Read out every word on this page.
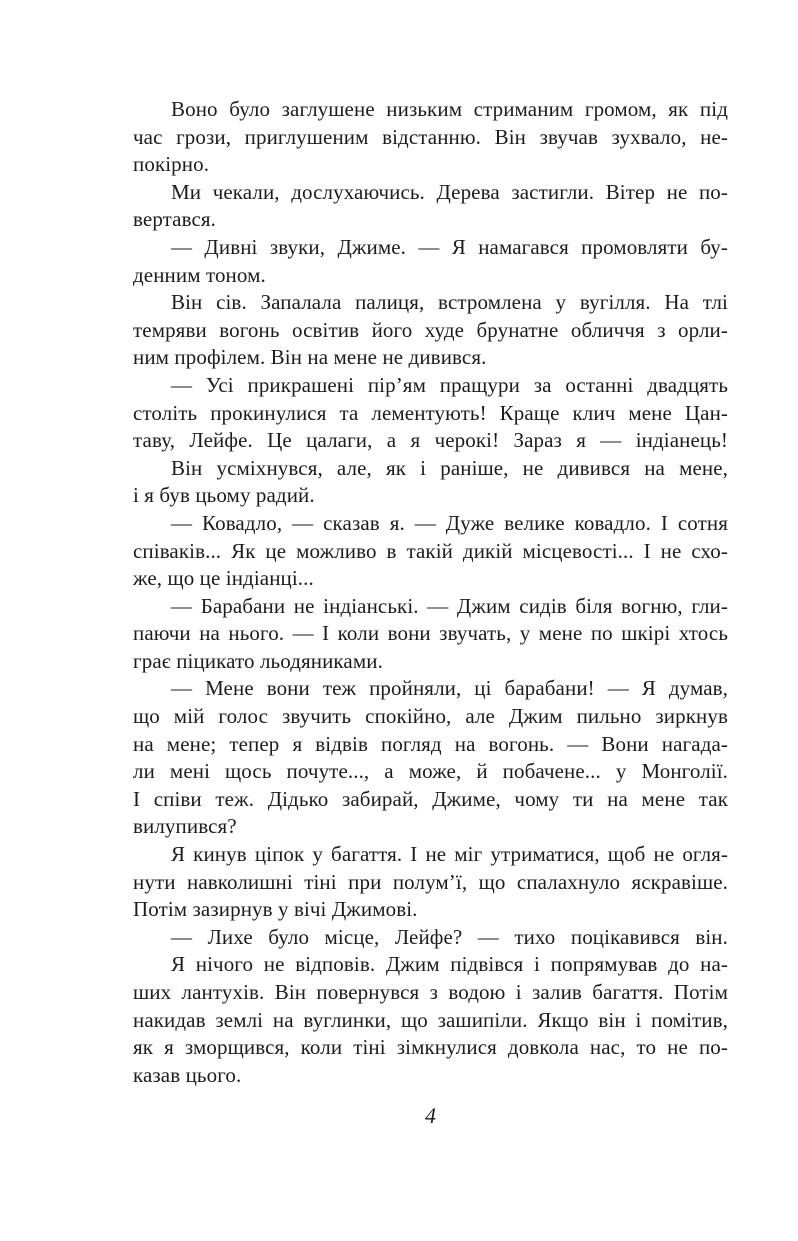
Воно було заглушене низьким стриманим громом, як під
час грози, приглушеним відстанню. Він звучав зухвало, не-
покірно.
Ми чекали, дослухаючись. Дерева застигли. Вітер не по-
вертався.
— Дивні звуки, Джиме. — Я намагався промовляти бу-
денним тоном.
Він сів. Запалала палиця, встромлена у вугілля. На тлі
темряви вогонь освітив його худе брунатне обличчя з орли-
ним профілем. Він на мене не дивився.
— Усі прикрашені пір’ям пращури за останні двадцять
століть прокинулися та лементують! Краще клич мене Цан-
таву, Лейфе. Це цалаги, а я черокі! Зараз я — індіанець!
Він усміхнувся, але, як і раніше, не дивився на мене,
і я був цьому радий.
— Ковадло, — сказав я. — Дуже велике ковадло. І сотня
співаків... Як це можливо в такій дикій місцевості... І не схо-
же, що це індіанці...
— Барабани не індіанські. — Джим сидів біля вогню, гли-
паючи на нього. — І коли вони звучать, у мене по шкірі хтось
грає піцикато льодяниками.
— Мене вони теж пройняли, ці барабани! — Я думав,
що мій голос звучить спокійно, але Джим пильно зиркнув
на мене; тепер я відвів погляд на вогонь. — Вони нагада-
ли мені щось почуте..., а може, й побачене... у Монголії.
І співи теж. Дідько забирай, Джиме, чому ти на мене так
вилупився?
Я кинув ціпок у багаття. І не міг утриматися, щоб не огля-
нути навколишні тіні при полум’ї, що спалахнуло яскравіше.
Потім зазирнув у вічі Джимові.
— Лихе було місце, Лейфе? — тихо поцікавився він.
Я нічого не відповів. Джим підвівся і попрямував до на-
ших лантухів. Він повернувся з водою і залив багаття. Потім
накидав землі на вуглинки, що зашипіли. Якщо він і помітив,
як я зморщився, коли тіні зімкнулися довкола нас, то не по-
казав цього.
4
